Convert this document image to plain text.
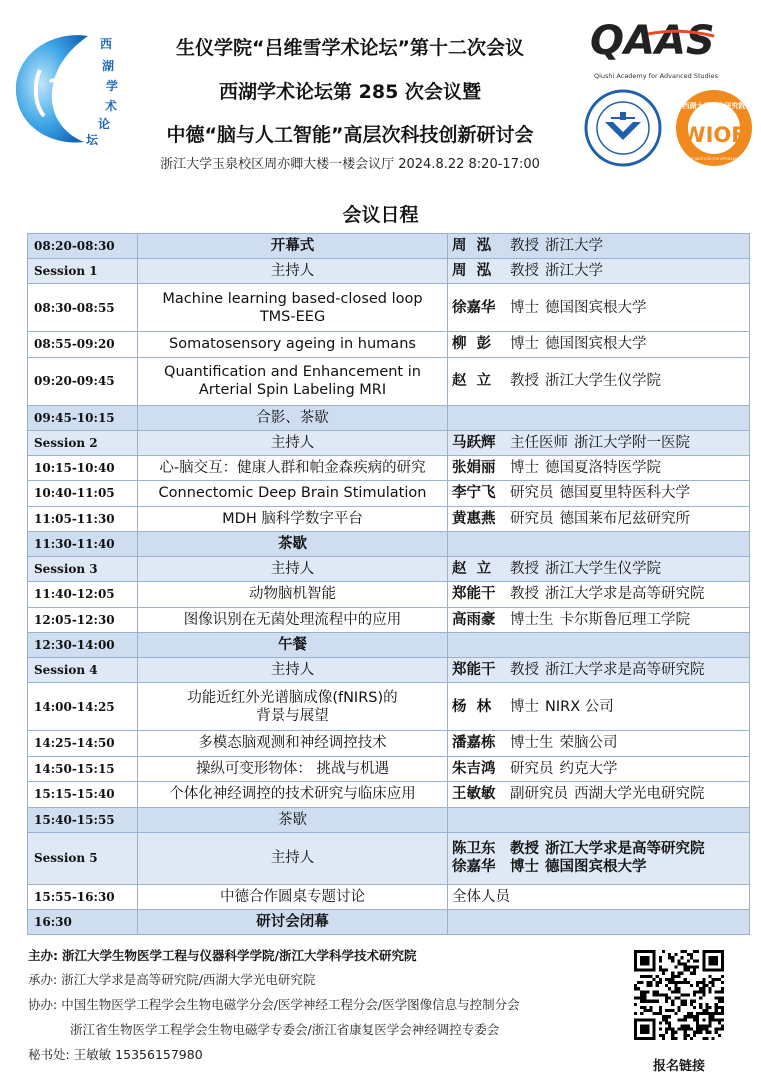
西
湖
学
术
论
坛
生仪学院“吕维雪学术论坛”第十二次会议
西湖学术论坛第 285 次会议暨
中德“脑与人工智能”高层次科技创新研讨会
浙江大学玉泉校区周亦卿大楼一楼会议厅 2024.8.22 8:20-17:00
QAAS
Qiushi Academy for Advanced Studies
WIOE
西湖大学光电研究院
WESTLAKE INSTITUTE FOR OPTOELECTRONICS
会议日程
08:20-08:30	开幕式	周  泓 教授 浙江大学

Session 1	主持人	周  泓 教授 浙江大学

08:30-08:55	Machine learning based-closed loop
TMS-EEG	徐嘉华 博士 德国图宾根大学

08:55-09:20	Somatosensory ageing in humans	柳  彭 博士 德国图宾根大学

09:20-09:45	Quantification and Enhancement in
Arterial Spin Labeling MRI	赵  立 教授 浙江大学生仪学院

09:45-10:15	合影、茶歇	

Session 2	主持人	马跃辉 主任医师 浙江大学附一医院

10:15-10:40	心-脑交互：健康人群和帕金森疾病的研究	张娟丽 博士 德国夏洛特医学院

10:40-11:05	Connectomic Deep Brain Stimulation	李宁飞 研究员 德国夏里特医科大学

11:05-11:30	MDH 脑科学数字平台	黄惠燕 研究员 德国莱布尼兹研究所

11:30-11:40	茶歇	

Session 3	主持人	赵  立 教授 浙江大学生仪学院

11:40-12:05	动物脑机智能	郑能干 教授 浙江大学求是高等研究院

12:05-12:30	图像识别在无菌处理流程中的应用	高雨豪 博士生 卡尔斯鲁厄理工学院

12:30-14:00	午餐	

Session 4	主持人	郑能干 教授 浙江大学求是高等研究院

14:00-14:25	功能近红外光谱脑成像(fNIRS)的
背景与展望	杨  林 博士 NIRX 公司

14:25-14:50	多模态脑观测和神经调控技术	潘嘉栋 博士生 荣脑公司

14:50-15:15	操纵可变形物体： 挑战与机遇	朱吉鸿 研究员 约克大学

15:15-15:40	个体化神经调控的技术研究与临床应用	王敏敏 副研究员 西湖大学光电研究院

15:40-15:55	茶歇	

Session 5	主持人	陈卫东 教授 浙江大学求是高等研究院
徐嘉华 博士 德国图宾根大学

15:55-16:30	中德合作圆桌专题讨论	全体人员

16:30	研讨会闭幕	

主办: 浙江大学生物医学工程与仪器科学学院/浙江大学科学技术研究院
承办: 浙江大学求是高等研究院/西湖大学光电研究院
协办: 中国生物医学工程学会生物电磁学分会/医学神经工程分会/医学图像信息与控制分会
浙江省生物医学工程学会生物电磁学专委会/浙江省康复医学会神经调控专委会
秘书处: 王敏敏 15356157980
报名链接
